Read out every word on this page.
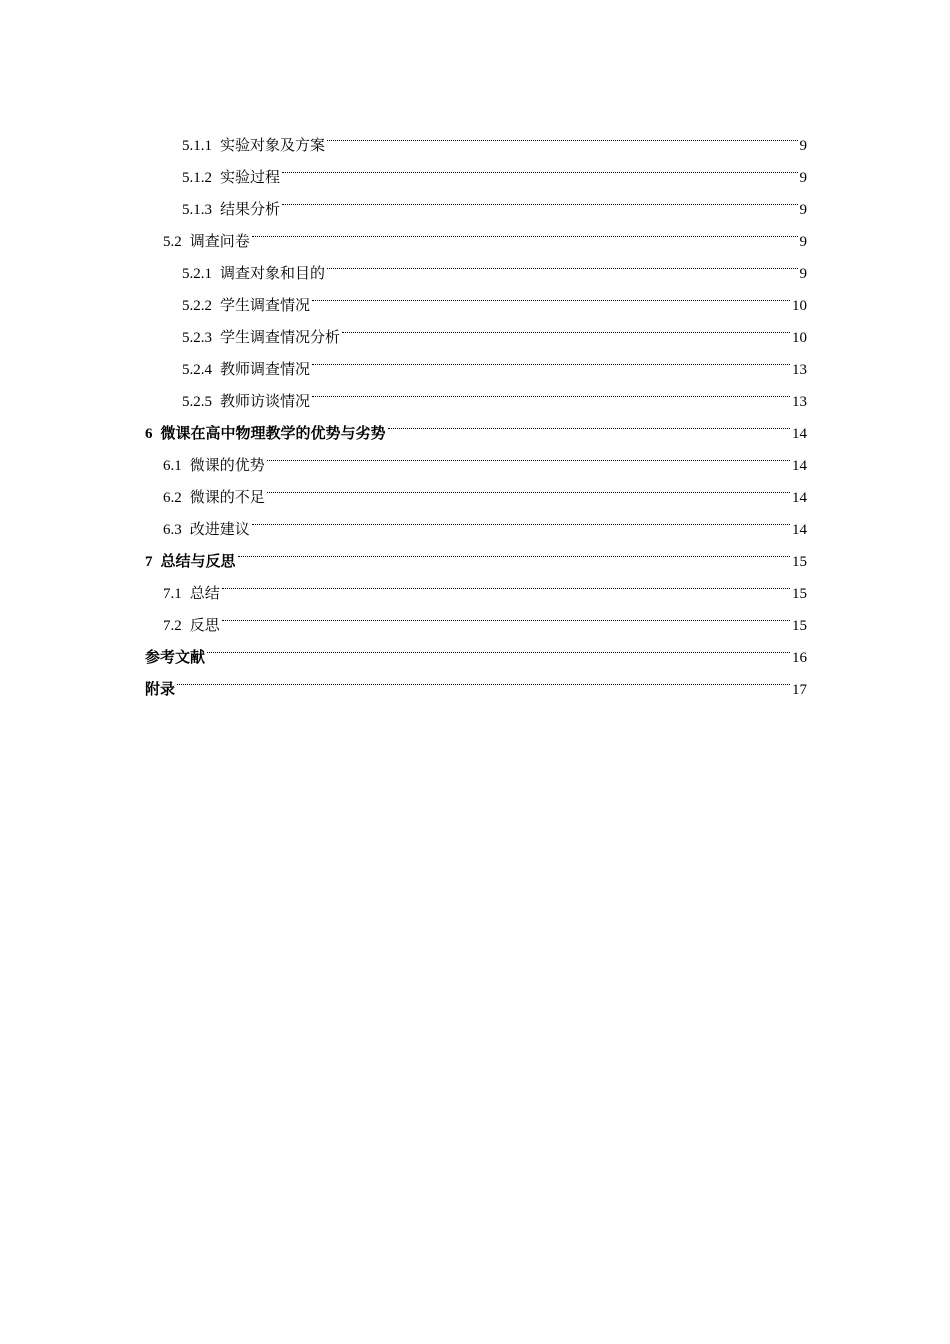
5.1.1 实验对象及方案	9
5.1.2 实验过程	9
5.1.3 结果分析	9
5.2 调查问卷	9
5.2.1 调查对象和目的	9
5.2.2 学生调查情况	10
5.2.3 学生调查情况分析	10
5.2.4 教师调查情况	13
5.2.5 教师访谈情况	13
6 微课在高中物理教学的优势与劣势	14
6.1 微课的优势	14
6.2 微课的不足	14
6.3 改进建议	14
7 总结与反思	15
7.1 总结	15
7.2 反思	15
参考文献	16
附录	17
